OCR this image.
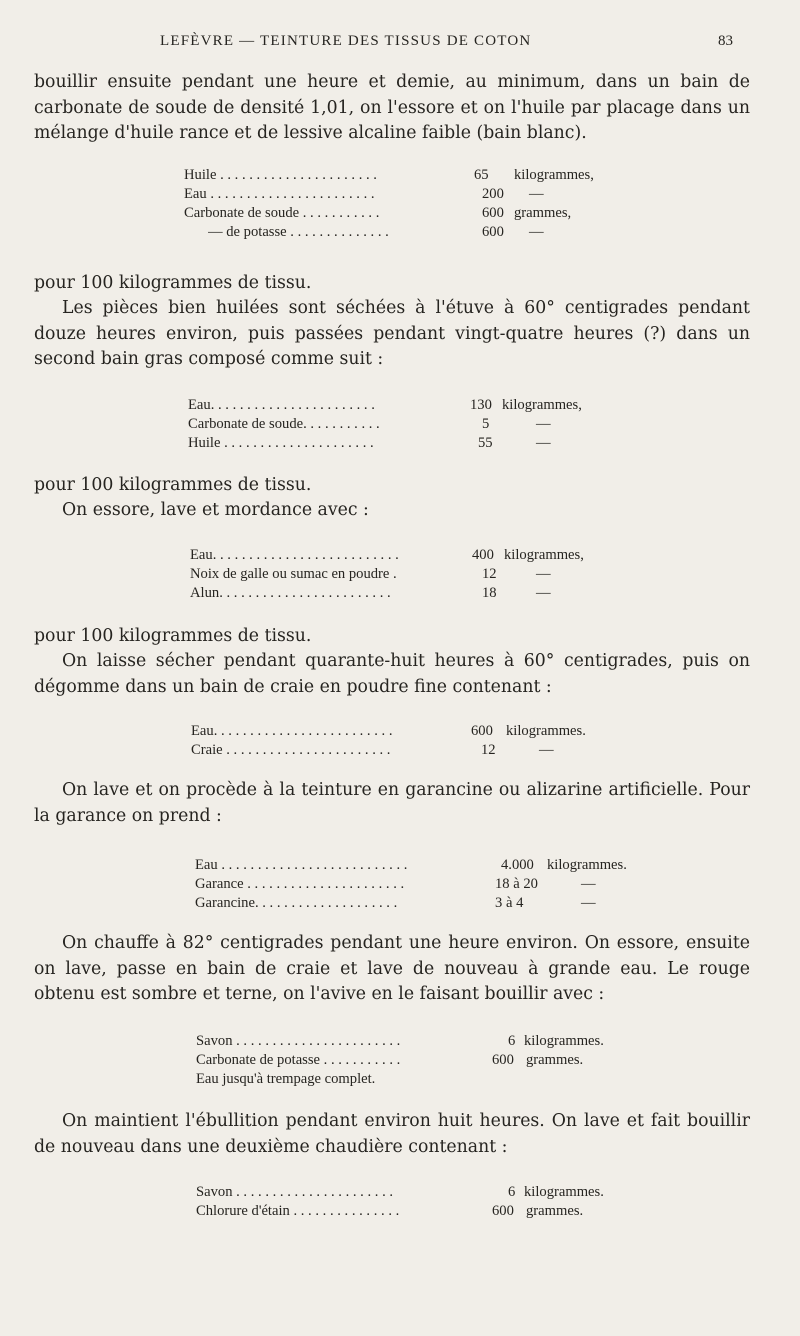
LEFÈVRE — TEINTURE DES TISSUS DE COTON	83

bouillir ensuite pendant une heure et demie, au minimum, dans un bain de carbonate de soude de densité 1,01, on l'essore et on l'huile par placage dans un mélange d'huile rance et de lessive alcaline faible (bain blanc).

Huile . . . . . . . . . . . . . . . . . . . . . .	65 kilogrammes,
Eau . . . . . . . . . . . . . . . . . . . . . . .	200 —
Carbonate de soude . . . . . . . . . . .	600 grammes,
— de potasse . . . . . . . . . . . . . .	600 —

pour 100 kilogrammes de tissu.

Les pièces bien huilées sont séchées à l'étuve à 60° centigrades pendant douze heures environ, puis passées pendant vingt-quatre heures (?) dans un second bain gras composé comme suit :

Eau. . . . . . . . . . . . . . . . . . . . . . .	130 kilogrammes,
Carbonate de soude. . . . . . . . . . .	5	—
Huile . . . . . . . . . . . . . . . . . . . . .	55	—

pour 100 kilogrammes de tissu.

On essore, lave et mordance avec :

Eau. . . . . . . . . . . . . . . . . . . . . . . . . .	400 kilogrammes,
Noix de galle ou sumac en poudre .	12	—
Alun. . . . . . . . . . . . . . . . . . . . . . . .	18	—

pour 100 kilogrammes de tissu.

On laisse sécher pendant quarante-huit heures à 60° centigrades, puis on dégomme dans un bain de craie en poudre fine contenant :

Eau. . . . . . . . . . . . . . . . . . . . . . . . .	600 kilogrammes.
Craie . . . . . . . . . . . . . . . . . . . . . . .	12	—

On lave et on procède à la teinture en garancine ou alizarine artificielle. Pour la garance on prend :

Eau . . . . . . . . . . . . . . . . . . . . . . . . . .	4.000 kilogrammes.
Garance . . . . . . . . . . . . . . . . . . . . . .	18 à 20	—
Garancine. . . . . . . . . . . . . . . . . . . .	3 à 4	—

On chauffe à 82° centigrades pendant une heure environ. On essore, ensuite on lave, passe en bain de craie et lave de nouveau à grande eau. Le rouge obtenu est sombre et terne, on l'avive en le faisant bouillir avec :

Savon . . . . . . . . . . . . . . . . . . . . . . .	6 kilogrammes.
Carbonate de potasse . . . . . . . . . . .	600 grammes.
Eau jusqu'à trempage complet.

On maintient l'ébullition pendant environ huit heures. On lave et fait bouillir de nouveau dans une deuxième chaudière contenant :

Savon . . . . . . . . . . . . . . . . . . . . . .	6 kilogrammes.
Chlorure d'étain . . . . . . . . . . . . . . .	600 grammes.
